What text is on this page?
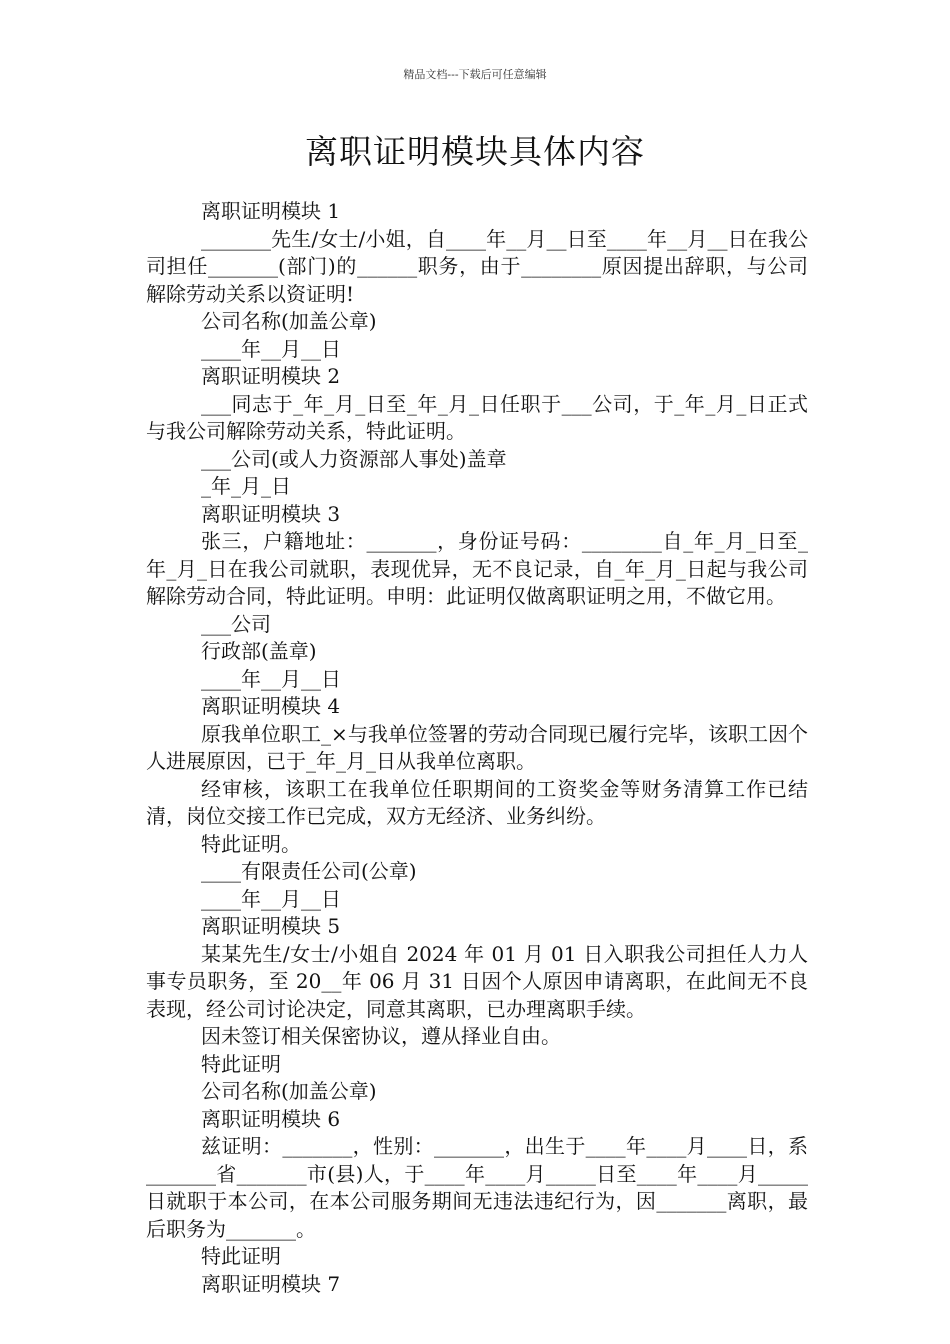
精品文档---下载后可任意编辑
离职证明模块具体内容

离职证明模块 1

_______先生/女士/小姐，自____年__月__日至____年__月__日在我公司担任_______(部门)的______职务，由于________原因提出辞职，与公司解除劳动关系以资证明!

公司名称(加盖公章)

____年__月__日

离职证明模块 2

___同志于_年_月_日至_年_月_日任职于___公司，于_年_月_日正式与我公司解除劳动关系，特此证明。

___公司(或人力资源部人事处)盖章

_年_月_日

离职证明模块 3

张三，户籍地址：_______，身份证号码：________自_年_月_日至_年_月_日在我公司就职，表现优异，无不良记录，自_年_月_日起与我公司解除劳动合同，特此证明。申明：此证明仅做离职证明之用，不做它用。

___公司

行政部(盖章)

____年__月__日

离职证明模块 4

原我单位职工_×与我单位签署的劳动合同现已履行完毕，该职工因个人进展原因，已于_年_月_日从我单位离职。

经审核，该职工在我单位任职期间的工资奖金等财务清算工作已结清，岗位交接工作已完成，双方无经济、业务纠纷。

特此证明。

____有限责任公司(公章)

____年__月__日

离职证明模块 5

某某先生/女士/小姐自 2024 年 01 月 01 日入职我公司担任人力人事专员职务，至 20__年 06 月 31 日因个人原因申请离职，在此间无不良表现，经公司讨论决定，同意其离职，已办理离职手续。

因未签订相关保密协议，遵从择业自由。

特此证明

公司名称(加盖公章)

离职证明模块 6

兹证明：_______，性别：_______，出生于____年____月____日，系_______省_______市(县)人，于____年____月_____日至____年____月_____日就职于本公司，在本公司服务期间无违法违纪行为，因_______离职，最后职务为_______。

特此证明

离职证明模块 7
